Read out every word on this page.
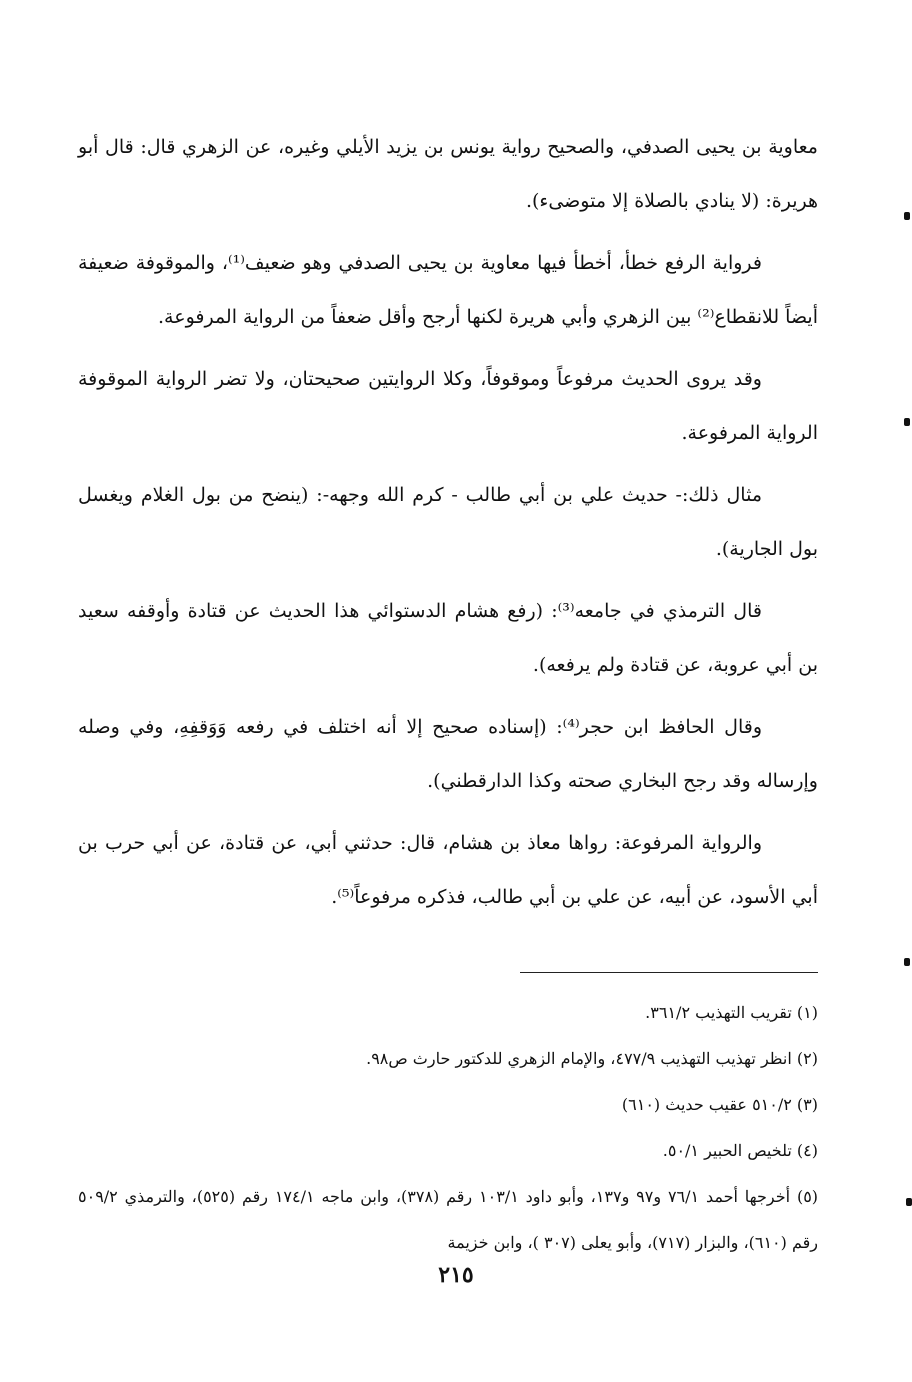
معاوية بن يحيى الصدفي، والصحيح رواية يونس بن يزيد الأيلي وغيره، عن الزهري قال: قال أبو هريرة: (لا ينادي بالصلاة إلا متوضىء).
فرواية الرفع خطأ، أخطأ فيها معاوية بن يحيى الصدفي وهو ضعيف⁽¹⁾، والموقوفة ضعيفة أيضاً للانقطاع⁽²⁾ بين الزهري وأبي هريرة لكنها أرجح وأقل ضعفاً من الرواية المرفوعة.
وقد يروى الحديث مرفوعاً وموقوفاً، وكلا الروايتين صحيحتان، ولا تضر الرواية الموقوفة الرواية المرفوعة.
مثال ذلك:- حديث علي بن أبي طالب - كرم الله وجهه-: (ينضح من بول الغلام ويغسل بول الجارية).
قال الترمذي في جامعه⁽³⁾: (رفع هشام الدستوائي هذا الحديث عن قتادة وأوقفه سعيد بن أبي عروبة، عن قتادة ولم يرفعه).
وقال الحافظ ابن حجر⁽⁴⁾: (إسناده صحيح إلا أنه اختلف في رفعه وَوَقفِهِ، وفي وصله وإرساله وقد رجح البخاري صحته وكذا الدارقطني).
والرواية المرفوعة: رواها معاذ بن هشام، قال: حدثني أبي، عن قتادة، عن أبي حرب بن أبي الأسود، عن أبيه، عن علي بن أبي طالب، فذكره مرفوعاً⁽⁵⁾.

(١) تقريب التهذيب ٣٦١/٢.

(٢) انظر تهذيب التهذيب ٤٧٧/٩، والإمام الزهري للدكتور حارث ص٩٨.

(٣) ٥١٠/٢ عقيب حديث (٦١٠)

(٤) تلخيص الحبير ٥٠/١.

(٥) أخرجها أحمد ٧٦/١ و٩٧ و١٣٧، وأبو داود ١٠٣/١ رقم (٣٧٨)، وابن ماجه ١٧٤/١ رقم (٥٢٥)، والترمذي ٥٠٩/٢ رقم (٦١٠)، والبزار (٧١٧)، وأبو يعلى (٣٠٧ )، وابن خزيمة

٢١٥
